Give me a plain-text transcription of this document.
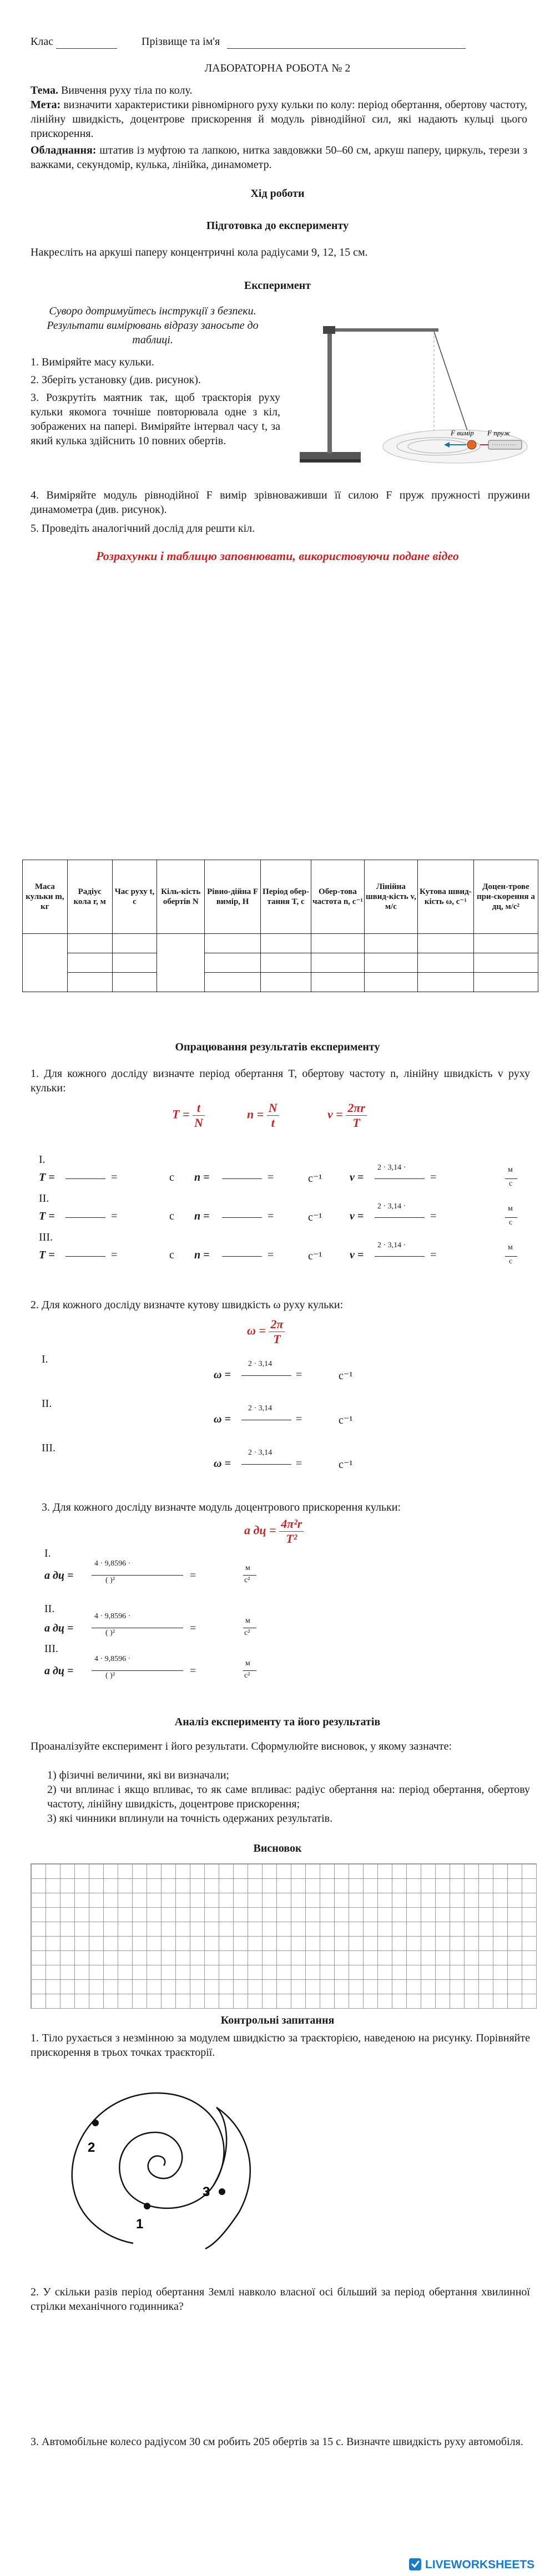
Клас	Прізвище та ім'я
ЛАБОРАТОРНА РОБОТА № 2
Тема. Вивчення руху тіла по колу.
Мета: визначити характеристики рівномірного руху кульки по колу: період обертання, обертову частоту, лінійну швидкість, доцентрове прискорення й модуль рівнодійної сил, які надають кульці цього прискорення.
Обладнання: штатив із муфтою та лапкою, нитка завдовжки 50–60 см, аркуш паперу, циркуль, терези з важками, секундомір, кулька, лінійка, динамометр.
Хід роботи
Підготовка до експерименту
Накресліть на аркуші паперу концентричні кола радіусами 9, 12, 15 см.
Експеримент
Суворо дотримуйтесь інструкції з безпеки. Результати вимірювань відразу заносьте до таблиці.
1. Виміряйте масу кульки.
2. Зберіть установку (див. рисунок).
3. Розкрутіть маятник так, щоб траєкторія руху кульки якомога точніше повторювала одне з кіл, зображених на папері. Виміряйте інтервал часу t, за який кулька здійснить 10 повних обертів.
4. Виміряйте модуль рівнодійної F вимір зрівноваживши її силою F пруж пружності пружини динамометра (див. рисунок).
5. Проведіть аналогічний дослід для решти кіл.
F вимір F пруж
Розрахунки і таблицю заповнювати, використовуючи подане відео
Маса кульки m, кг	Радіус кола r, м	Час руху t, с	Кіль-кість обертів N	Рівно-дійна F вимір, Н	Період обер-тання T, с	Обер-това частота n, с⁻¹	Лінійна швид-кість v, м/с	Кутова швид-кість ω, с⁻¹	Доцен-трове при-скорення a дц, м/с²

Опрацювання результатів експерименту
1. Для кожного досліду визначте період обертання T, обертову частоту n, лінійну швидкість v руху кульки:
$T = \frac{t}{N}$	$n = \frac{N}{t}$	$v = \frac{2\pi r}{T}$
I.
T =	=	c n =	=	c⁻¹ v =
2 · 3,14 ·
=
м
с
II.
T =	=	c n =	=	c⁻¹ v =
2 · 3,14 ·
=
м
с
III.
T =	=	c n =	=	c⁻¹ v =
2 · 3,14 ·
=
м
с
2. Для кожного досліду визначте кутову швидкість ω руху кульки:
$\omega = \frac{2\pi}{T}$
I.
ω =
2 · 3,14
=	c⁻¹
II.
ω =
2 · 3,14
=	c⁻¹
III.
ω =
2 · 3,14
=	c⁻¹
3. Для кожного досліду визначте модуль доцентрового прискорення кульки:
a дц = $\frac{\text{4π²r}}{\text{T²}}$
I.
a дц =
4 · 9,8596 ·
( )²	=
м
c²
II.
a дц =
4 · 9,8596 ·
( )²	=
м
c²
III.
a дц =
4 · 9,8596 ·
( )²	=
м
c²
Аналіз експерименту та його результатів
Проаналізуйте експеримент і його результати. Сформулюйте висновок, у якому зазначте:
1) фізичні величини, які ви визначали;
2) чи вплинає і якщо впливає, то як саме впливає: радіус обертання на: період обертання, обертову частоту, лінійну швидкість, доцентрове прискорення;
3) які чинники вплинули на точність одержаних результатів.
Висновок
Контрольні запитання
1. Тіло рухається з незмінною за модулем швидкістю за траєкторією, наведеною на рисунку. Порівняйте прискорення в трьох точках траєкторії.
1
2
3
2. У скільки разів період обертання Землі навколо власної осі більший за період обертання хвилинної стрілки механічного годинника?
3. Автомобільне колесо радіусом 30 см робить 205 обертів за 15 с. Визначте швидкість руху автомобіля.
LIVEWORKSHEETS
